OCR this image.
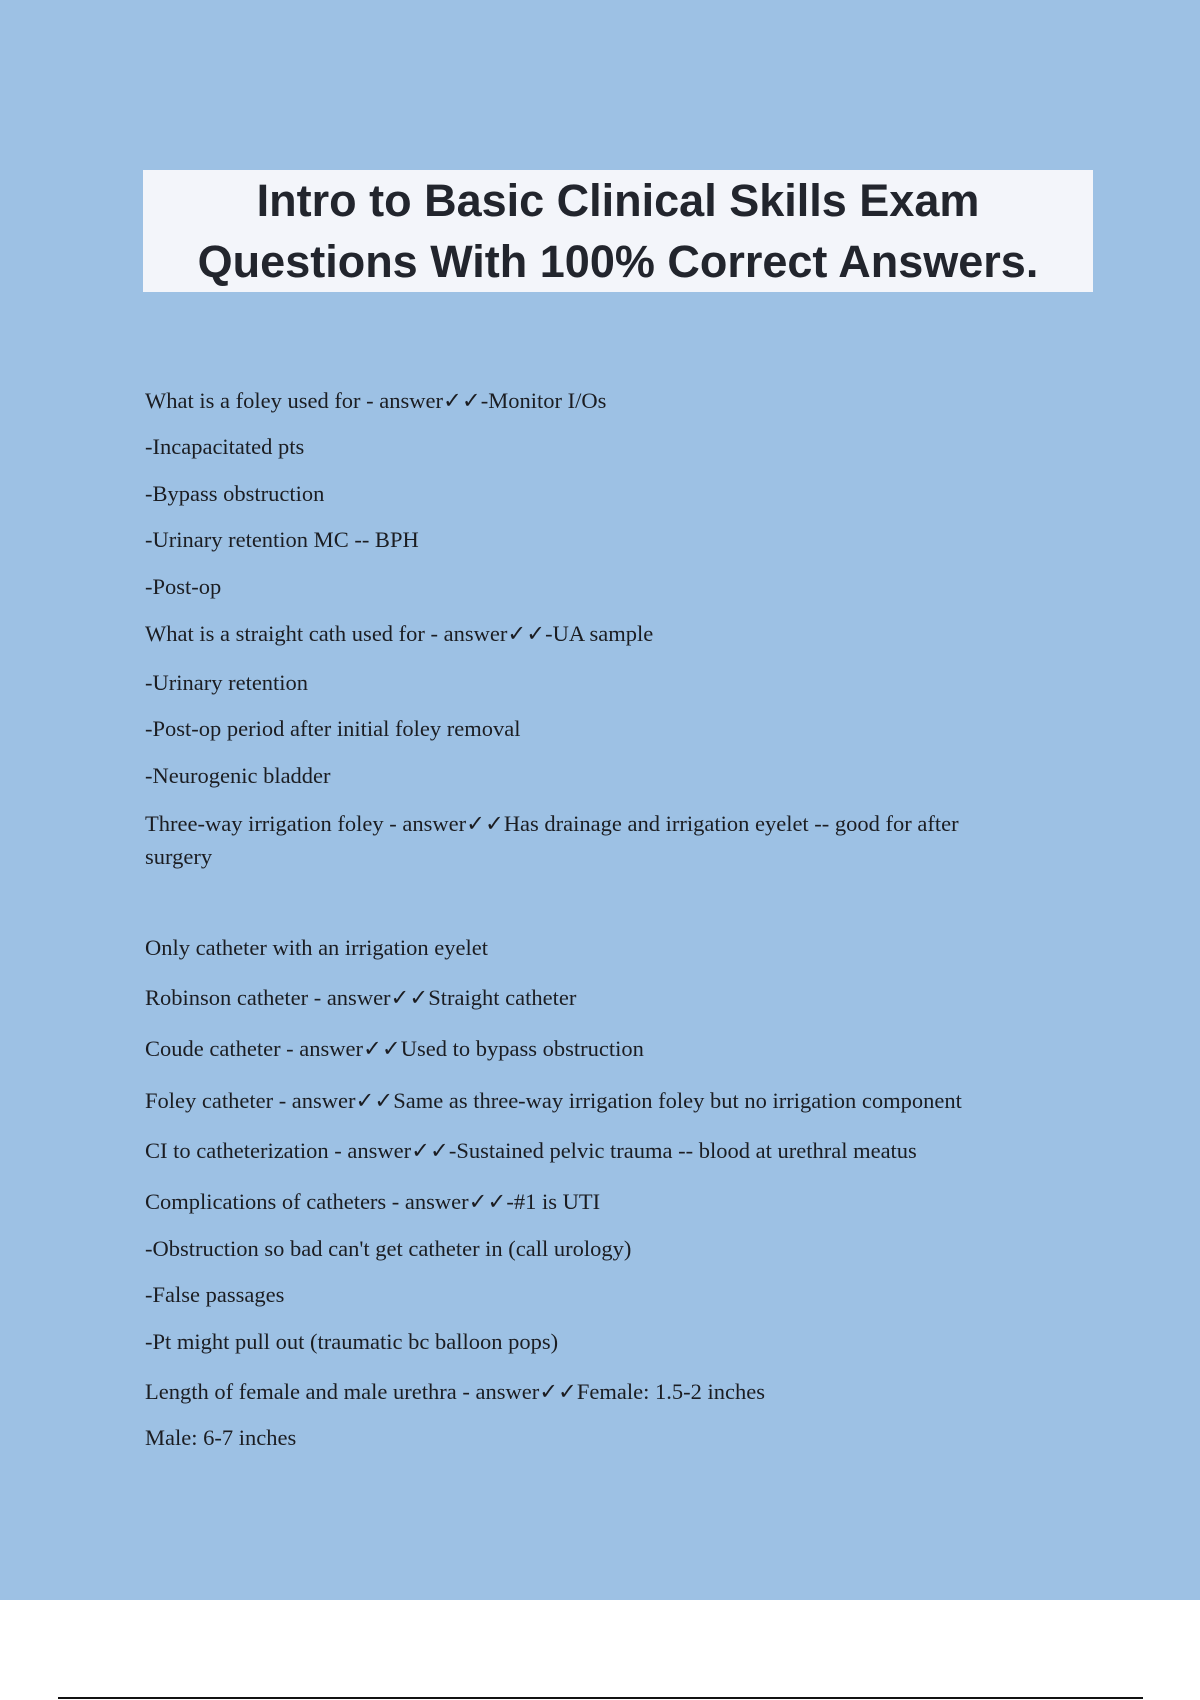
Intro to Basic Clinical Skills Exam
Questions With 100% Correct Answers.
What is a foley used for - answer✓✓-Monitor I/Os
-Incapacitated pts
-Bypass obstruction
-Urinary retention MC -- BPH
-Post-op
What is a straight cath used for - answer✓✓-UA sample
-Urinary retention
-Post-op period after initial foley removal
-Neurogenic bladder
Three-way irrigation foley - answer✓✓Has drainage and irrigation eyelet -- good for after
surgery
Only catheter with an irrigation eyelet
Robinson catheter - answer✓✓Straight catheter
Coude catheter - answer✓✓Used to bypass obstruction
Foley catheter - answer✓✓Same as three-way irrigation foley but no irrigation component
CI to catheterization - answer✓✓-Sustained pelvic trauma -- blood at urethral meatus
Complications of catheters - answer✓✓-#1 is UTI
-Obstruction so bad can't get catheter in (call urology)
-False passages
-Pt might pull out (traumatic bc balloon pops)
Length of female and male urethra - answer✓✓Female: 1.5-2 inches
Male: 6-7 inches
